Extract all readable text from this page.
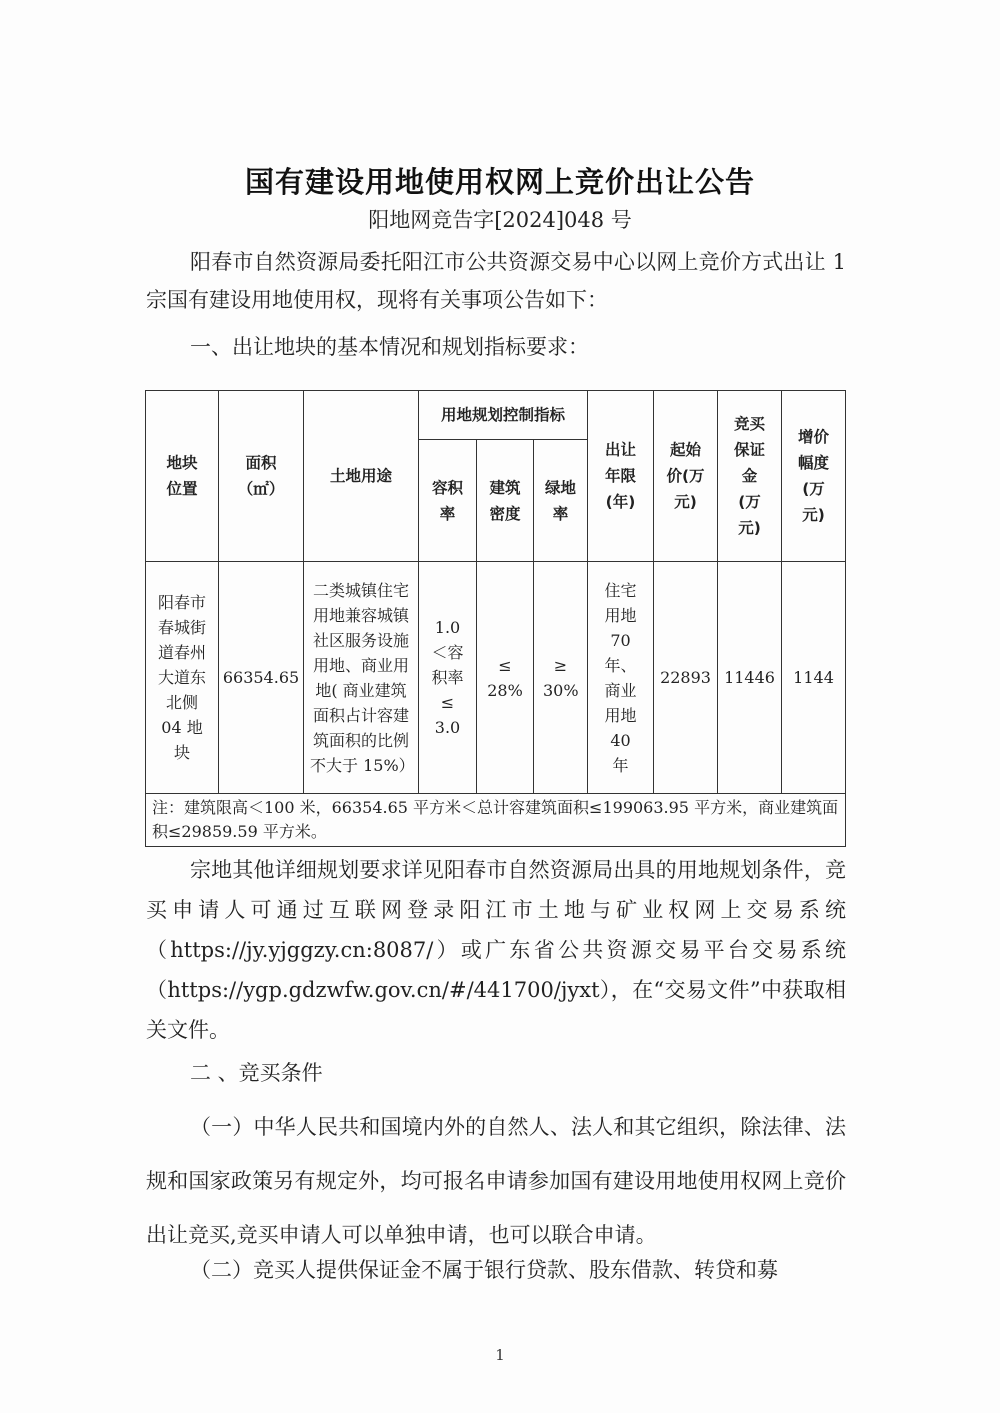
国有建设用地使用权网上竞价出让公告
阳地网竞告字[2024]048 号
阳春市自然资源局委托阳江市公共资源交易中心以网上竞价方式出让 1 宗国有建设用地使用权，现将有关事项公告如下：
一、出让地块的基本情况和规划指标要求：
地块位置	面积（㎡）	土地用途	用地规划控制指标			出让年限(年)	起始价(万元)	竞买保证金(万元)	增价幅度(万元)
			容积率	建筑密度	绿地率				
阳春市春城街道春州大道东北侧 04 地块	66354.65	二类城镇住宅用地兼容城镇社区服务设施用地、商业用地( 商业建筑面积占计容建筑面积的比例不大于 15%）	1.0＜容积率≤ 3.0	≤ 28%	≥ 30%	住宅用地 70 年、商业用地 40 年	22893	11446	1144
注：建筑限高＜100 米，66354.65 平方米＜总计容建筑面积≤199063.95 平方米，商业建筑面积≤29859.59 平方米。									
宗地其他详细规划要求详见阳春市自然资源局出具的用地规划条件，竞买申请人可通过互联网登录阳江市土地与矿业权网上交易系统（https://jy.yjggzy.cn:8087/）或广东省公共资源交易平台交易系统（https://ygp.gdzwfw.gov.cn/#/441700/jyxt），在“交易文件”中获取相关文件。
二 、竞买条件
（一）中华人民共和国境内外的自然人、法人和其它组织，除法律、法规和国家政策另有规定外，均可报名申请参加国有建设用地使用权网上竞价出让竞买,竞买申请人可以单独申请，也可以联合申请。
（二）竞买人提供保证金不属于银行贷款、股东借款、转贷和募
1
